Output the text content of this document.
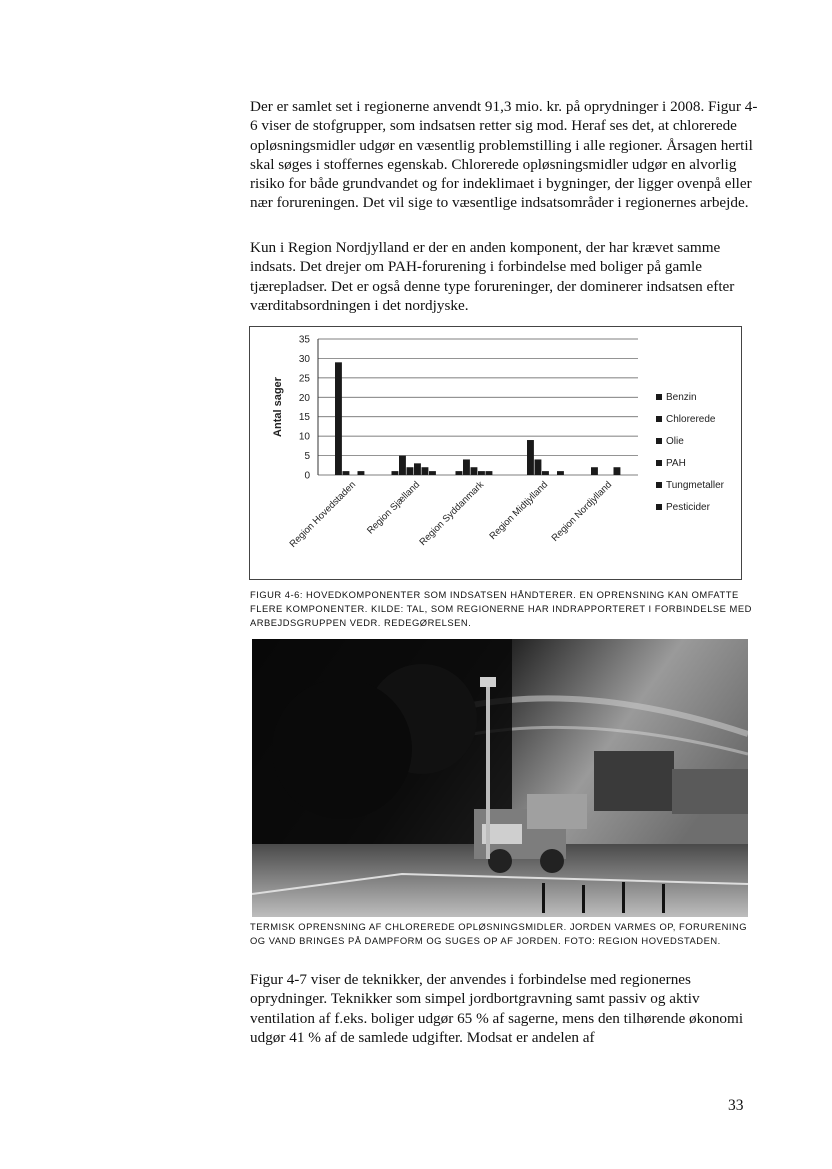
Der er samlet set i regionerne anvendt 91,3 mio. kr. på oprydninger i 2008. Figur 4-6 viser de stofgrupper, som indsatsen retter sig mod. Heraf ses det, at chlorerede opløsningsmidler udgør en væsentlig problemstilling i alle regioner. Årsagen hertil skal søges i stoffernes egenskab. Chlorerede opløsningsmidler udgør en alvorlig risiko for både grundvandet og for indeklimaet i bygninger, der ligger ovenpå eller nær forureningen. Det vil sige to væsentlige indsatsområder i regionernes arbejde.

Kun i Region Nordjylland er der en anden komponent, der har krævet samme indsats. Det drejer om PAH-forurening i forbindelse med boliger på gamle tjærepladser. Det er også denne type forureninger, der dominerer indsatsen efter værditabsordningen i det nordjyske.

0
5
10
15
20
25
30
35
Antal sager
Region Hovedstaden Region Sjælland
Region Syddanmark Region Midtjylland Region Nordjylland
Benzin
Chlorerede
Olie
PAH
Tungmetaller
Pesticider

FIGUR 4-6: HOVEDKOMPONENTER SOM INDSATSEN HÅNDTERER. EN OPRENSNING KAN OMFATTE FLERE KOMPONENTER. KILDE: TAL, SOM REGIONERNE HAR INDRAPPORTERET I FORBINDELSE MED ARBEJDSGRUPPEN VEDR. REDEGØRELSEN.

TERMISK OPRENSNING AF CHLOREREDE OPLØSNINGSMIDLER. JORDEN VARMES OP, FORURENING OG VAND BRINGES PÅ DAMPFORM OG SUGES OP AF JORDEN. FOTO: REGION HOVEDSTADEN.

Figur 4-7 viser de teknikker, der anvendes i forbindelse med regionernes oprydninger. Teknikker som simpel jordbortgravning samt passiv og aktiv ventilation af f.eks. boliger udgør 65 % af sagerne, mens den tilhørende økonomi udgør 41 % af de samlede udgifter. Modsat er andelen af

33
